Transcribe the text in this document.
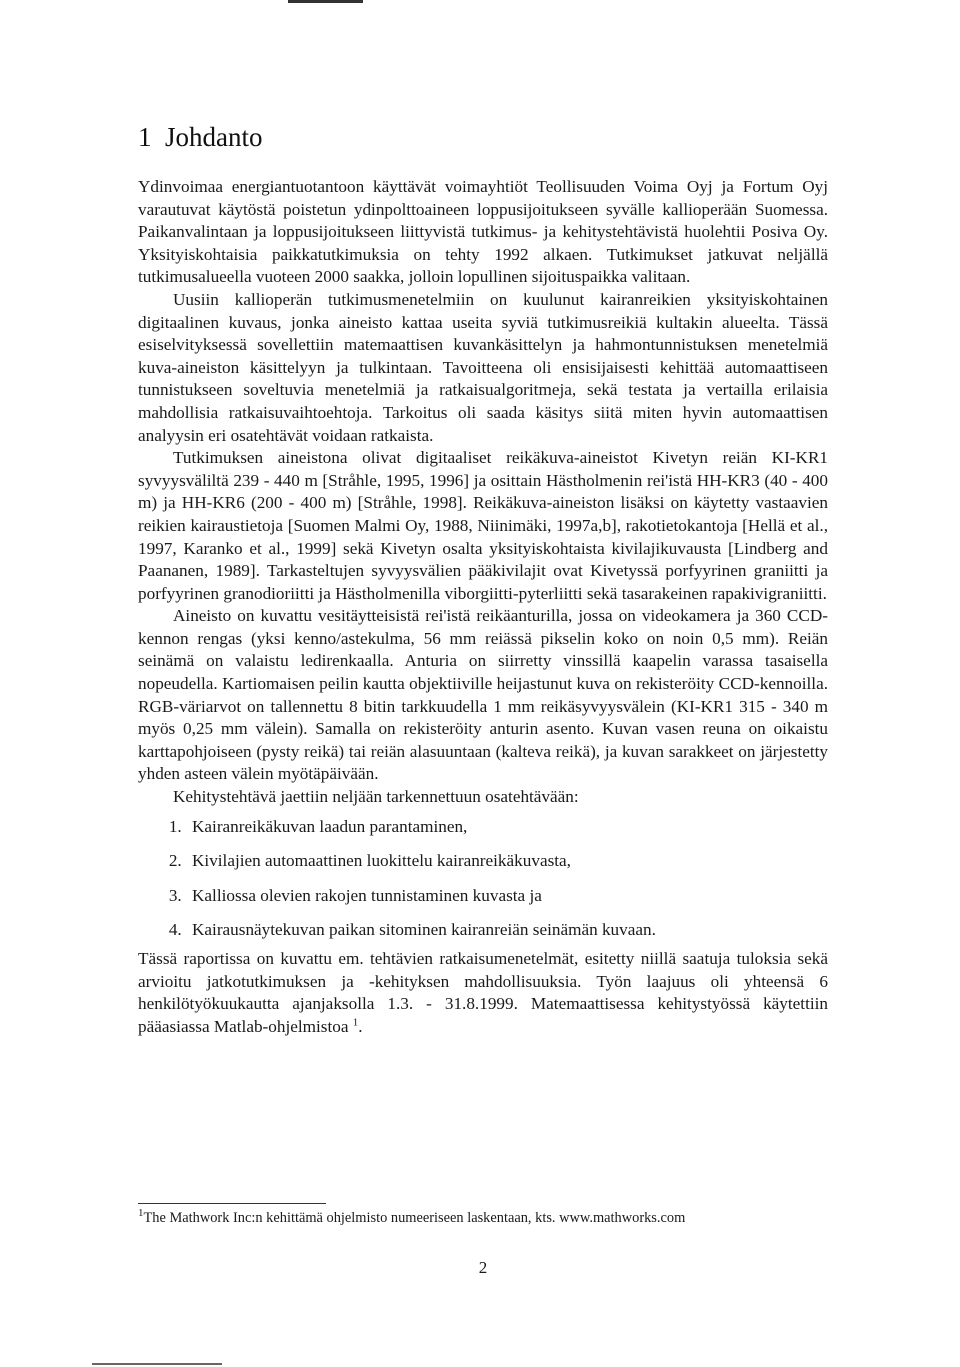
1 Johdanto

Ydinvoimaa energiantuotantoon käyttävät voimayhtiöt Teollisuuden Voima Oyj ja Fortum Oyj varautuvat käytöstä poistetun ydinpolttoaineen loppusijoitukseen syvälle kallioperään Suomessa. Paikanvalintaan ja loppusijoitukseen liittyvistä tutkimus- ja kehitystehtävistä huolehtii Posiva Oy. Yksityiskohtaisia paikkatutkimuksia on tehty 1992 alkaen. Tutkimukset jatkuvat neljällä tutkimusalueella vuoteen 2000 saakka, jolloin lopullinen sijoituspaikka valitaan.

Uusiin kallioperän tutkimusmenetelmiin on kuulunut kairanreikien yksityiskohtainen digitaalinen kuvaus, jonka aineisto kattaa useita syviä tutkimusreikiä kultakin alueelta. Tässä esiselvityksessä sovellettiin matemaattisen kuvankäsittelyn ja hahmontunnistuksen menetelmiä kuva-aineiston käsittelyyn ja tulkintaan. Tavoitteena oli ensisijaisesti kehittää automaattiseen tunnistukseen soveltuvia menetelmiä ja ratkaisualgoritmeja, sekä testata ja vertailla erilaisia mahdollisia ratkaisuvaihtoehtoja. Tarkoitus oli saada käsitys siitä miten hyvin automaattisen analyysin eri osatehtävät voidaan ratkaista.

Tutkimuksen aineistona olivat digitaaliset reikäkuva-aineistot Kivetyn reiän KI-KR1 syvyysväliltä 239 - 440 m [Stråhle, 1995, 1996] ja osittain Hästholmenin rei'istä HH-KR3 (40 - 400 m) ja HH-KR6 (200 - 400 m) [Stråhle, 1998]. Reikäkuva-aineiston lisäksi on käytetty vastaavien reikien kairaustietoja [Suomen Malmi Oy, 1988, Niinimäki, 1997a,b], rakotietokantoja [Hellä et al., 1997, Karanko et al., 1999] sekä Kivetyn osalta yksityiskohtaista kivilajikuvausta [Lindberg and Paananen, 1989]. Tarkasteltujen syvyysvälien pääkivilajit ovat Kivetyssä porfyyrinen graniitti ja porfyyrinen granodioriitti ja Hästholmenilla viborgiitti-pyterliitti sekä tasarakeinen rapakivigraniitti.

Aineisto on kuvattu vesitäytteisistä rei'istä reikäanturilla, jossa on videokamera ja 360 CCD-kennon rengas (yksi kenno/astekulma, 56 mm reiässä pikselin koko on noin 0,5 mm). Reiän seinämä on valaistu ledirenkaalla. Anturia on siirretty vinssillä kaapelin varassa tasaisella nopeudella. Kartiomaisen peilin kautta objektiiville heijastunut kuva on rekisteröity CCD-kennoilla. RGB-väriarvot on tallennettu 8 bitin tarkkuudella 1 mm reikäsyvyysvälein (KI-KR1 315 - 340 m myös 0,25 mm välein). Samalla on rekisteröity anturin asento. Kuvan vasen reuna on oikaistu karttapohjoiseen (pysty reikä) tai reiän alasuuntaan (kalteva reikä), ja kuvan sarakkeet on järjestetty yhden asteen välein myötäpäivään.

Kehitystehtävä jaettiin neljään tarkennettuun osatehtävään:

1. Kairanreikäkuvan laadun parantaminen,
2. Kivilajien automaattinen luokittelu kairanreikäkuvasta,
3. Kalliossa olevien rakojen tunnistaminen kuvasta ja
4. Kairausnäytekuvan paikan sitominen kairanreiän seinämän kuvaan.

Tässä raportissa on kuvattu em. tehtävien ratkaisumenetelmät, esitetty niillä saatuja tuloksia sekä arvioitu jatkotutkimuksen ja -kehityksen mahdollisuuksia. Työn laajuus oli yhteensä 6 henkilötyökuukautta ajanjaksolla 1.3. - 31.8.1999. Matemaattisessa kehitystyössä käytettiin pääasiassa Matlab-ohjelmistoa $^1$.

$^1$The Mathwork Inc:n kehittämä ohjelmisto numeeriseen laskentaan, kts. www.mathworks.com
2
